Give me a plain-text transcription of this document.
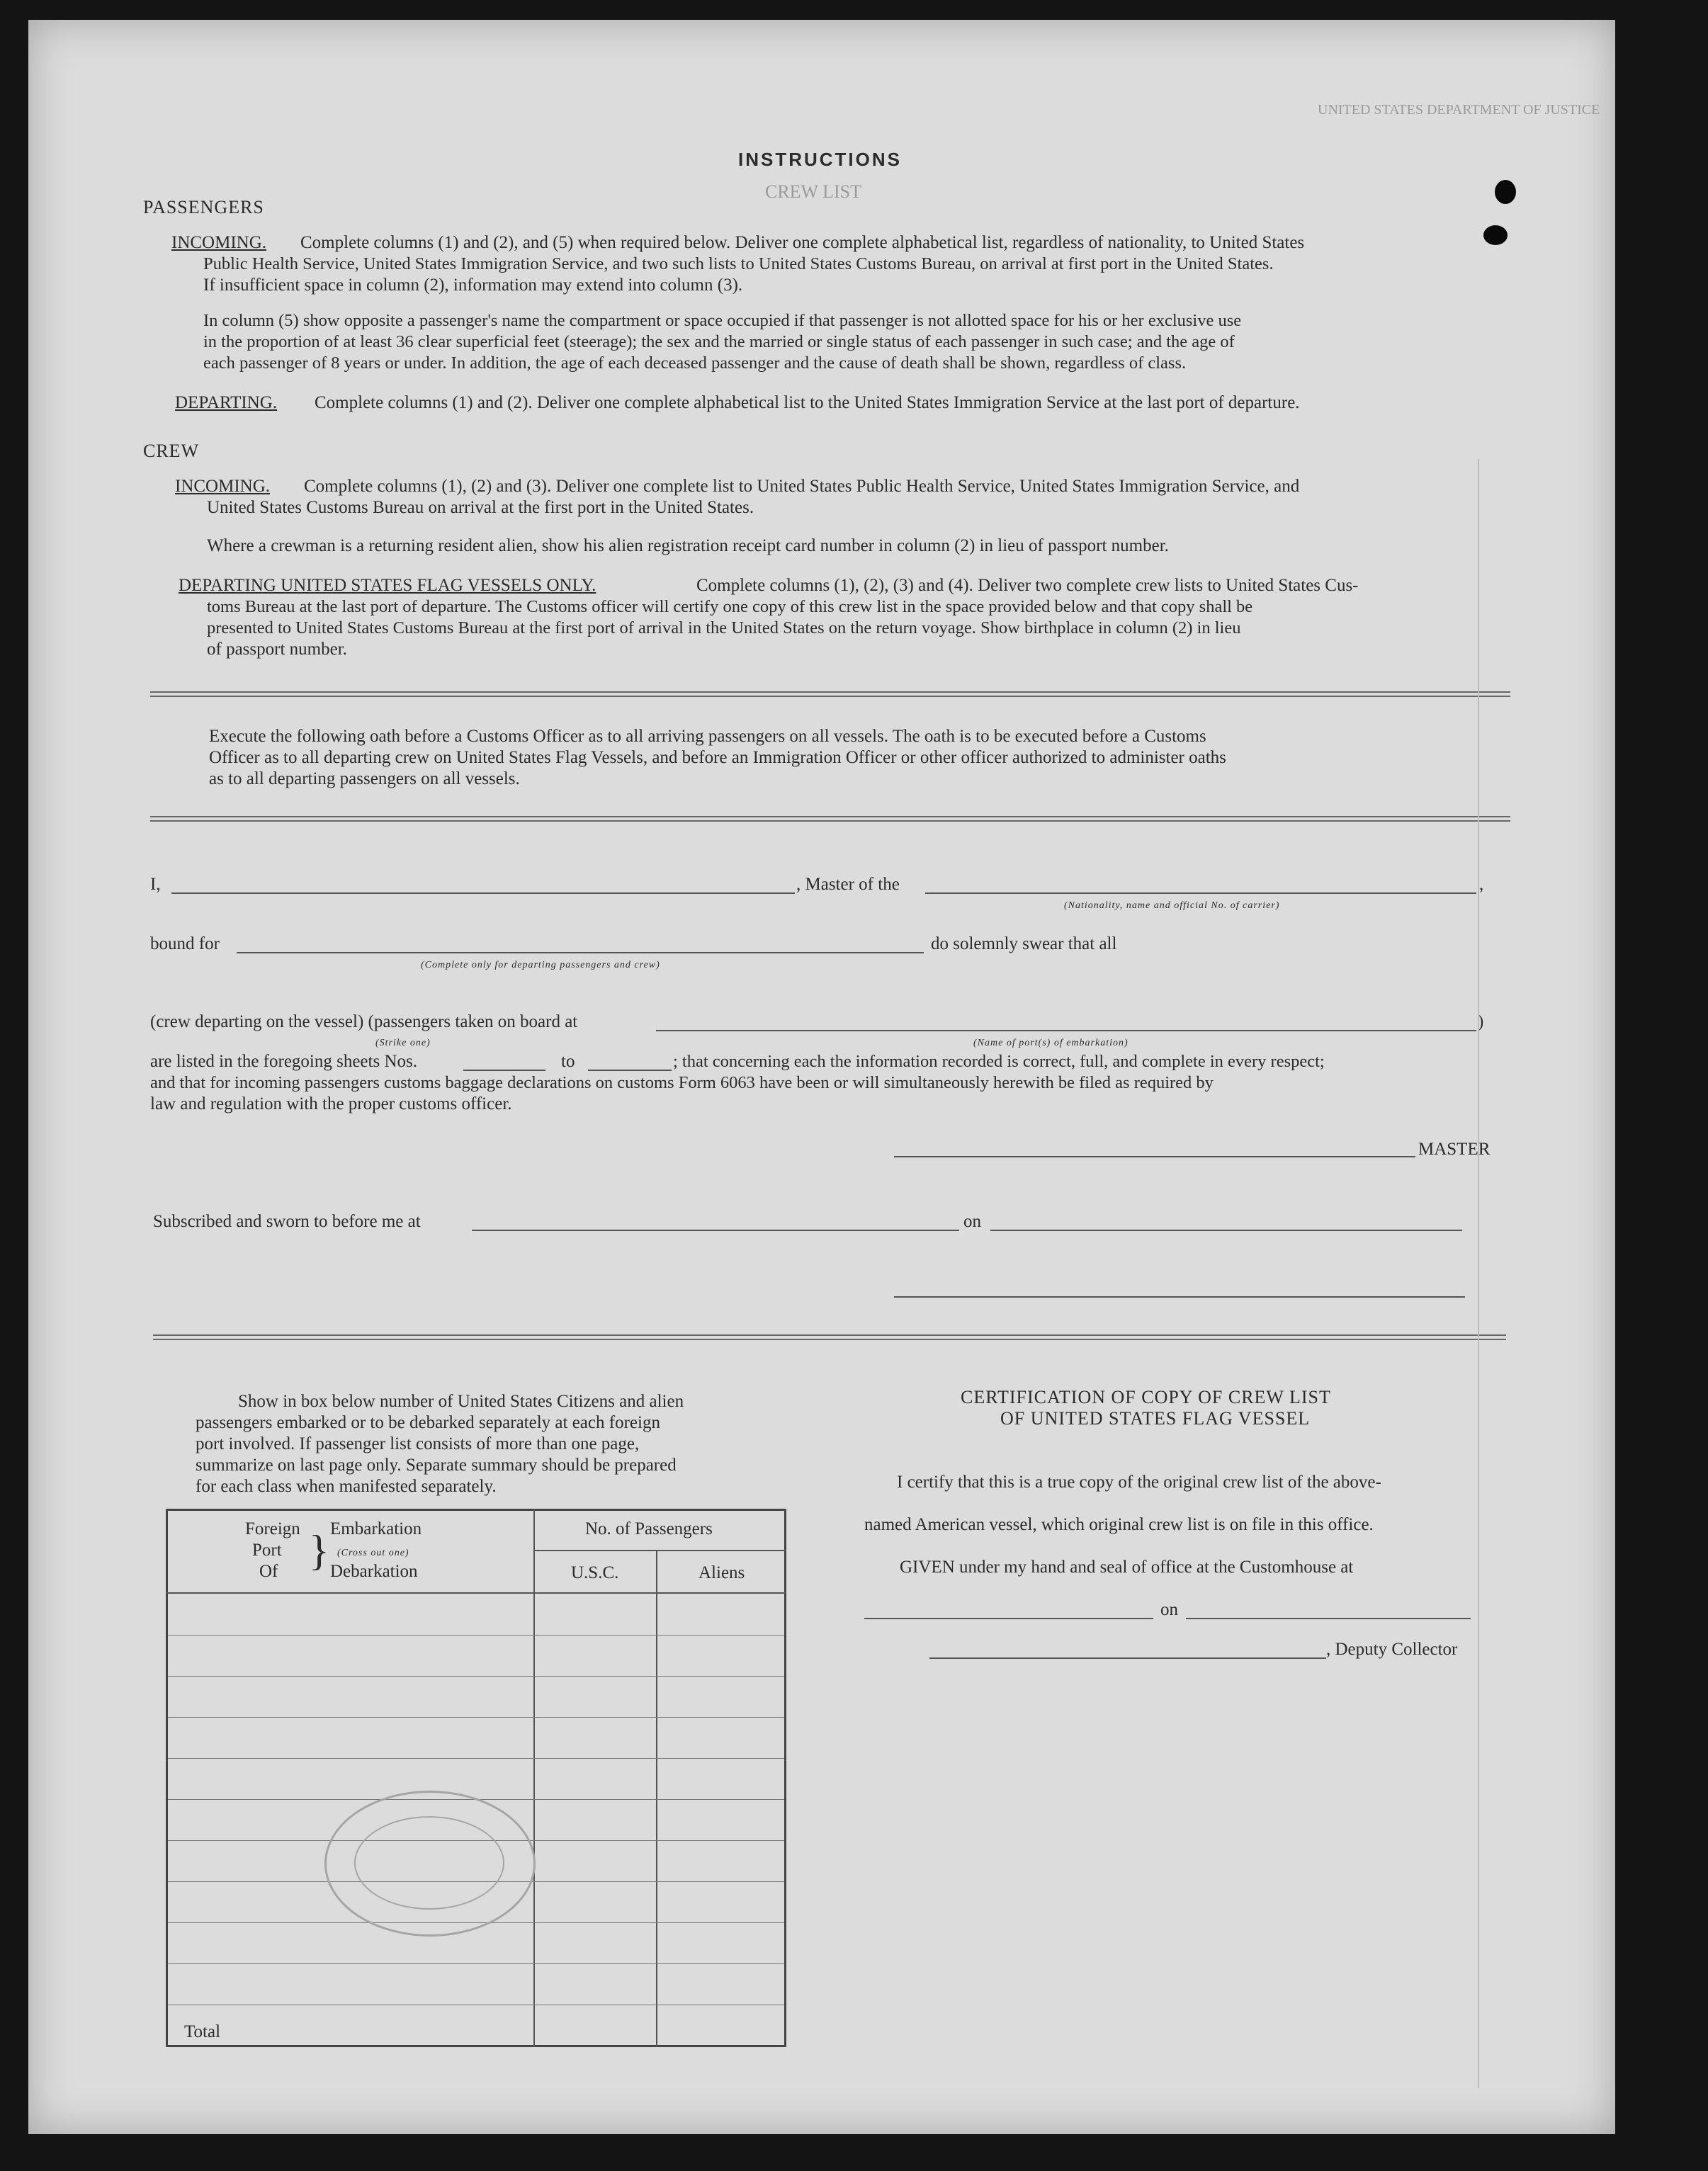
UNITED STATES DEPARTMENT OF JUSTICE
CREW LIST
INSTRUCTIONS
PASSENGERS
INCOMING. Complete columns (1) and (2), and (5) when required below. Deliver one complete alphabetical list, regardless of nationality, to United States
Public Health Service, United States Immigration Service, and two such lists to United States Customs Bureau, on arrival at first port in the United States.
If insufficient space in column (2), information may extend into column (3).
In column (5) show opposite a passenger's name the compartment or space occupied if that passenger is not allotted space for his or her exclusive use
in the proportion of at least 36 clear superficial feet (steerage); the sex and the married or single status of each passenger in such case; and the age of
each passenger of 8 years or under. In addition, the age of each deceased passenger and the cause of death shall be shown, regardless of class.
DEPARTING. Complete columns (1) and (2). Deliver one complete alphabetical list to the United States Immigration Service at the last port of departure.
CREW
INCOMING. Complete columns (1), (2) and (3). Deliver one complete list to United States Public Health Service, United States Immigration Service, and
United States Customs Bureau on arrival at the first port in the United States.
Where a crewman is a returning resident alien, show his alien registration receipt card number in column (2) in lieu of passport number.
DEPARTING UNITED STATES FLAG VESSELS ONLY.	Complete columns (1), (2), (3) and (4). Deliver two complete crew lists to United States Cus-
toms Bureau at the last port of departure. The Customs officer will certify one copy of this crew list in the space provided below and that copy shall be
presented to United States Customs Bureau at the first port of arrival in the United States on the return voyage. Show birthplace in column (2) in lieu
of passport number.
Execute the following oath before a Customs Officer as to all arriving passengers on all vessels. The oath is to be executed before a Customs
Officer as to all departing crew on United States Flag Vessels, and before an Immigration Officer or other officer authorized to administer oaths
as to all departing passengers on all vessels.
I,	, Master of the	,
(Nationality, name and official No. of carrier)
bound for
(Complete only for departing passengers and crew)
do solemnly swear that all
(crew departing on the vessel) (passengers taken on board at
(Strike one)	(Name of port(s) of embarkation)
)
are listed in the foregoing sheets Nos.	to	; that concerning each the information recorded is correct, full, and complete in every respect;
and that for incoming passengers customs baggage declarations on customs Form 6063 have been or will simultaneously herewith be filed as required by
law and regulation with the proper customs officer.
MASTER
Subscribed and sworn to before me at	on
Show in box below number of United States Citizens and alien
passengers embarked or to be debarked separately at each foreign
port involved. If passenger list consists of more than one page,
summarize on last page only. Separate summary should be prepared
for each class when manifested separately.
Foreign
Port
Of } Embarkation
(Cross out one)
Debarkation
No. of Passengers
U.S.C.	Aliens
Total
CERTIFICATION OF COPY OF CREW LIST
OF UNITED STATES FLAG VESSEL
I certify that this is a true copy of the original crew list of the above-
named American vessel, which original crew list is on file in this office.
GIVEN under my hand and seal of office at the Customhouse at
on
, Deputy Collector
